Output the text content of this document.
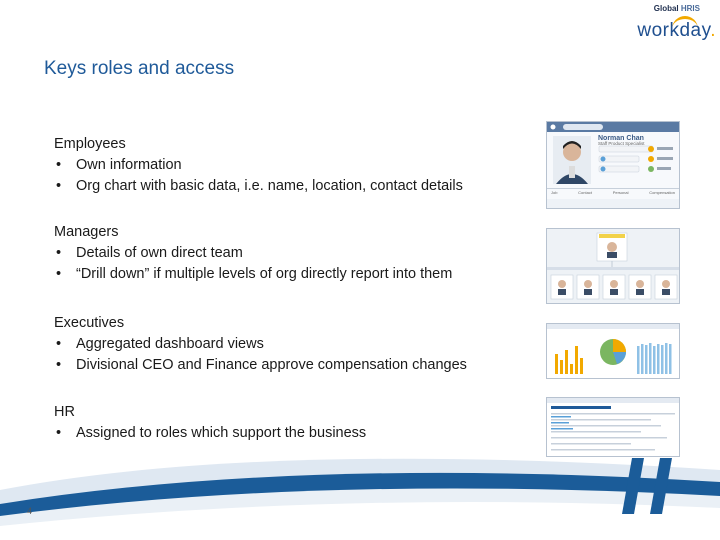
Global HRIS
workday.
Keys roles and access
Employees
• Own information
• Org chart with basic data, i.e. name, location, contact details
Managers
• Details of own direct team
• “Drill down” if multiple levels of org directly report into them
Executives
• Aggregated dashboard views
• Divisional CEO and Finance approve compensation changes
HR
• Assigned to roles which support the business
Norman Chan
Staff Product Specialist
Job	Contact	Personal	Compensation
4
